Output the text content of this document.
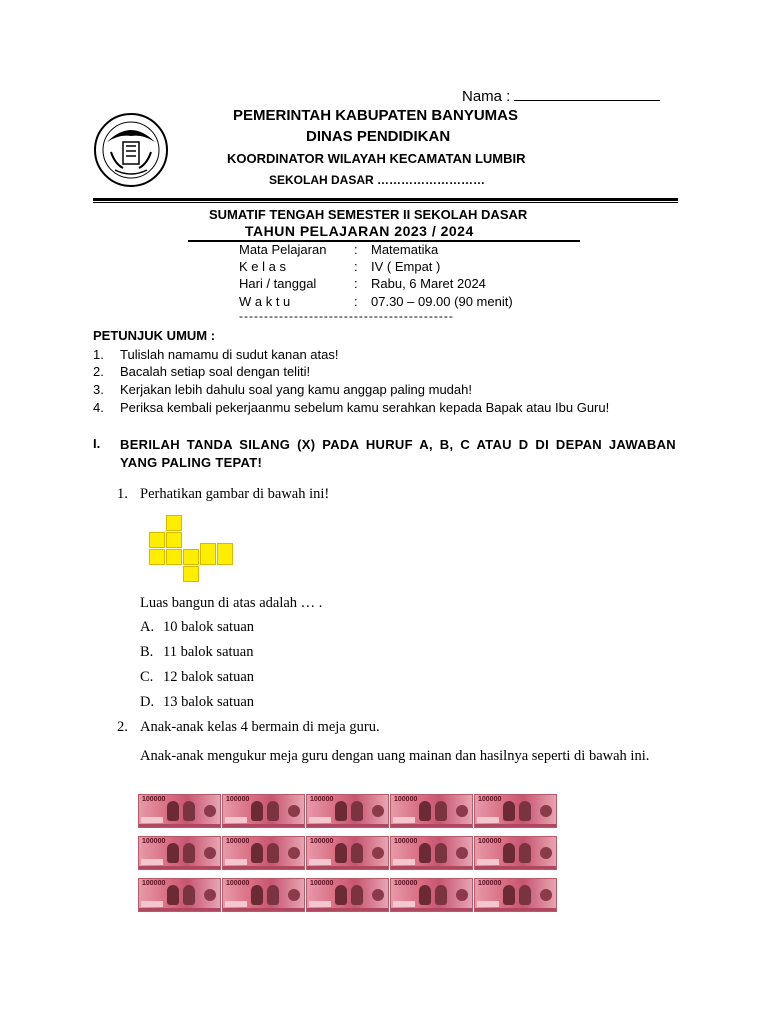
Nama :
PEMERINTAH KABUPATEN BANYUMAS
DINAS PENDIDIKAN
KOORDINATOR WILAYAH KECAMATAN LUMBIR
SEKOLAH DASAR ………………………
SUMATIF TENGAH SEMESTER II SEKOLAH DASAR
TAHUN PELAJARAN 2023 / 2024
Mata Pelajaran : Matematika
K e l a s	: IV ( Empat )
Hari / tanggal	: Rabu, 6 Maret 2024
W a k t u	: 07.30 – 09.00 (90 menit)
-------------------------------------------
PETUNJUK UMUM :
1. Tulislah namamu di sudut kanan atas!
2. Bacalah setiap soal dengan teliti!
3. Kerjakan lebih dahulu soal yang kamu anggap paling mudah!
4. Periksa kembali pekerjaanmu sebelum kamu serahkan kepada Bapak atau Ibu Guru!
I. BERILAH TANDA SILANG (X) PADA HURUF A, B, C ATAU D DI DEPAN JAWABAN YANG PALING TEPAT!
1. Perhatikan gambar di bawah ini!
Luas bangun di atas adalah … .
A. 10 balok satuan
B. 11 balok satuan
C. 12 balok satuan
D. 13 balok satuan
2. Anak-anak kelas 4 bermain di meja guru.
Anak-anak mengukur meja guru dengan uang mainan dan hasilnya seperti di bawah ini.
100000	100000	100000	100000	100000
100000	100000	100000	100000	100000
100000	100000	100000	100000	100000
